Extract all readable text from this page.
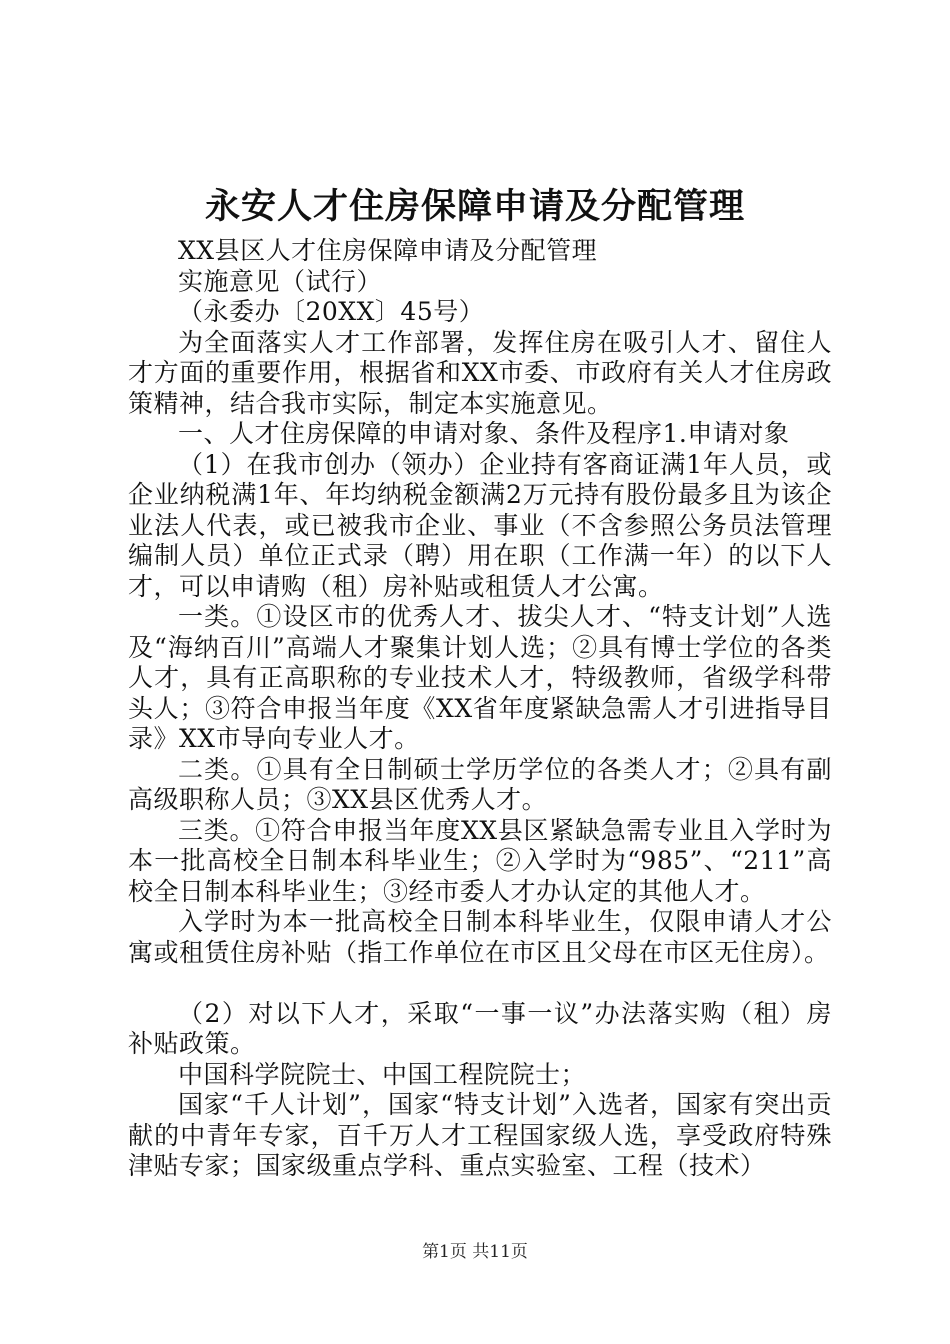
永安人才住房保障申请及分配管理

XX县区人才住房保障申请及分配管理

实施意见（试行）

（永委办〔20XX〕45号）

为全面落实人才工作部署，发挥住房在吸引人才、留住人才方面的重要作用，根据省和XX市委、市政府有关人才住房政策精神，结合我市实际，制定本实施意见。

一、人才住房保障的申请对象、条件及程序1.申请对象

（1）在我市创办（领办）企业持有客商证满1年人员，或企业纳税满1年、年均纳税金额满2万元持有股份最多且为该企业法人代表，或已被我市企业、事业（不含参照公务员法管理编制人员）单位正式录（聘）用在职（工作满一年）的以下人才，可以申请购（租）房补贴或租赁人才公寓。

一类。①设区市的优秀人才、拔尖人才、“特支计划”人选及“海纳百川”高端人才聚集计划人选；②具有博士学位的各类人才，具有正高职称的专业技术人才，特级教师，省级学科带头人；③符合申报当年度《XX省年度紧缺急需人才引进指导目录》XX市导向专业人才。

二类。①具有全日制硕士学历学位的各类人才；②具有副高级职称人员；③XX县区优秀人才。

三类。①符合申报当年度XX县区紧缺急需专业且入学时为本一批高校全日制本科毕业生；②入学时为“985”、“211”高校全日制本科毕业生；③经市委人才办认定的其他人才。

入学时为本一批高校全日制本科毕业生，仅限申请人才公寓或租赁住房补贴（指工作单位在市区且父母在市区无住房）。

（2）对以下人才，采取“一事一议”办法落实购（租）房补贴政策。

中国科学院院士、中国工程院院士；

国家“千人计划”，国家“特支计划”入选者，国家有突出贡献的中青年专家，百千万人才工程国家级人选，享受政府特殊津贴专家；国家级重点学科、重点实验室、工程（技术）

第1页 共11页
